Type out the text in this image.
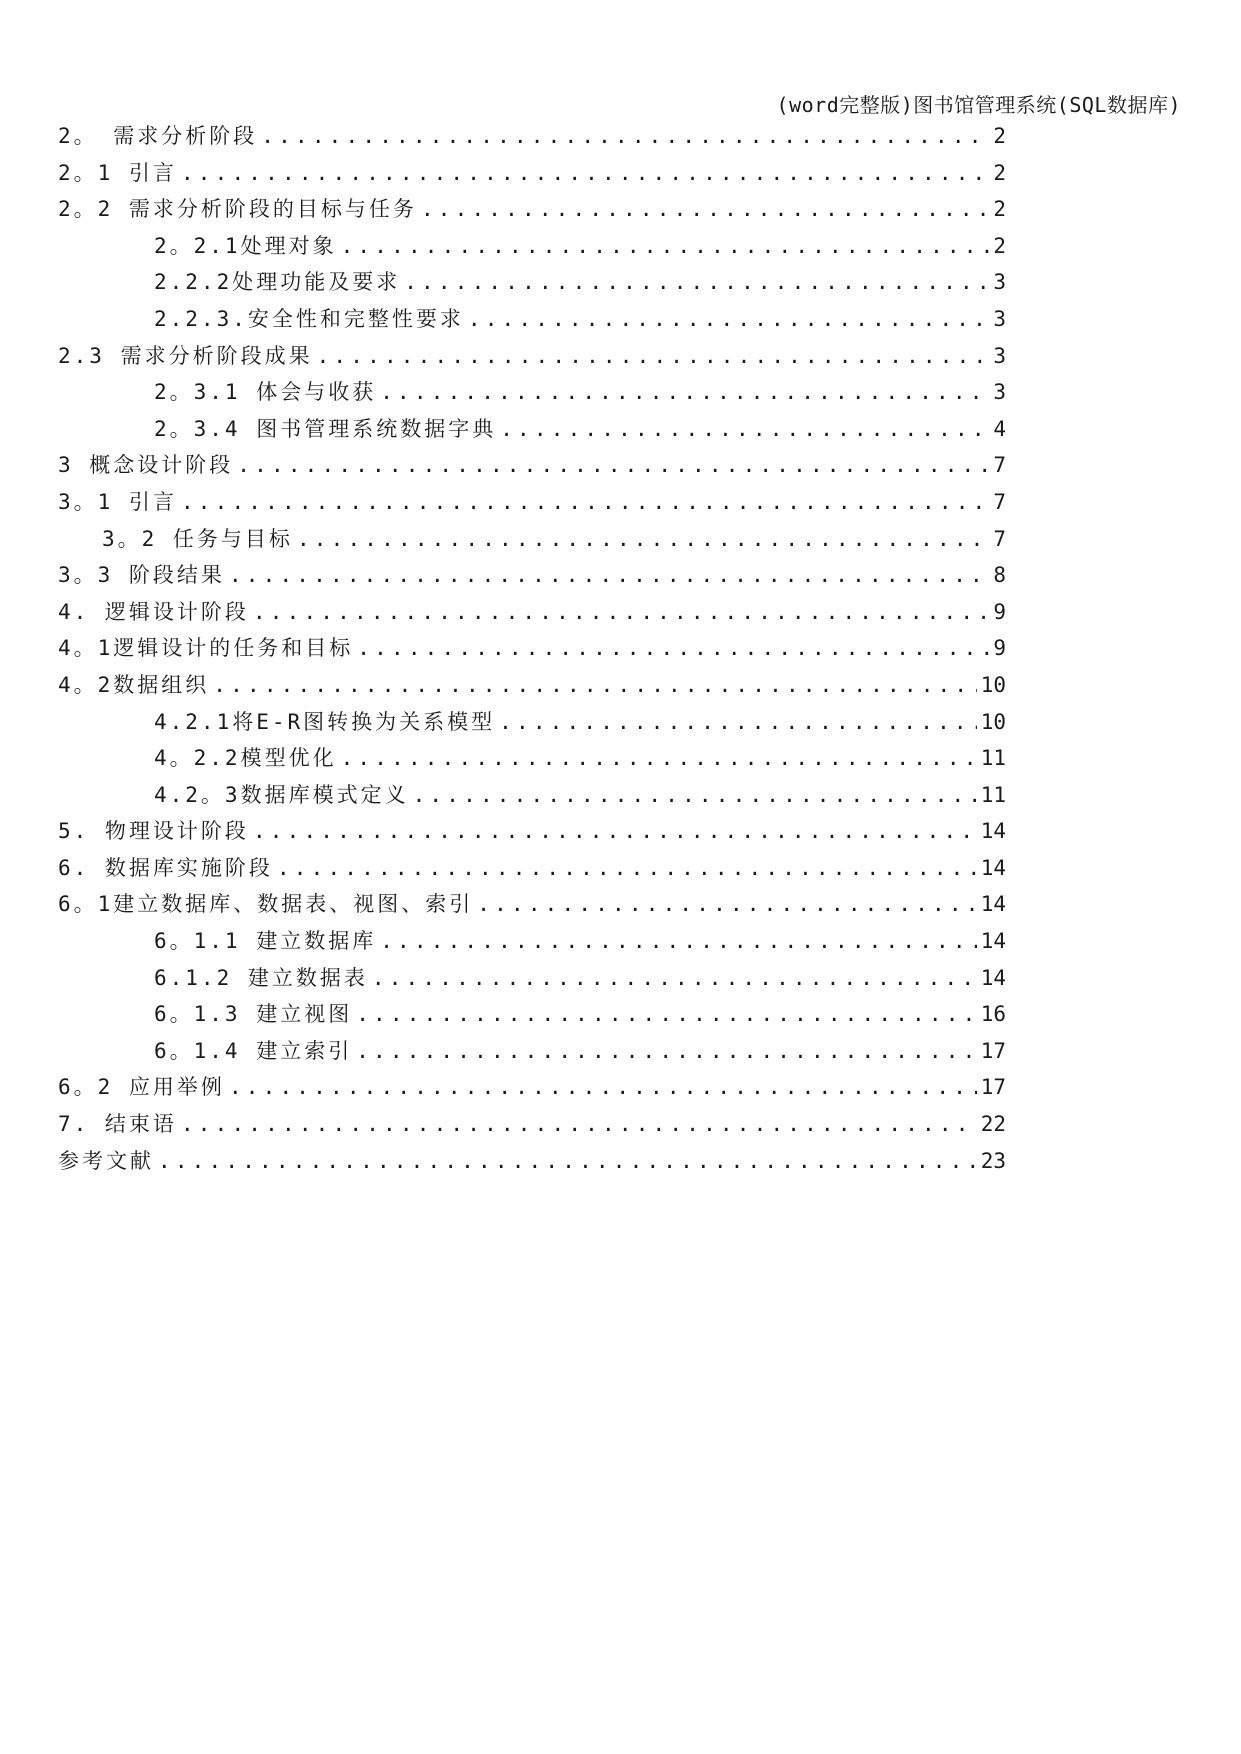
(word完整版)图书馆管理系统(SQL数据库)
2。 需求分析阶段 .....	2
2。1 引言 .....	2
2。2 需求分析阶段的目标与任务 .....	2
2。2.1处理对象 .....	2
2.2.2处理功能及要求 .....	3
2.2.3.安全性和完整性要求 .....	3
2.3 需求分析阶段成果 .....	3
2。3.1 体会与收获 .....	3
2。3.4 图书管理系统数据字典 .....	4
3 概念设计阶段 .....	7
3。1 引言 .....	7
3。2 任务与目标 .....	7
3。3 阶段结果 .....	8
4. 逻辑设计阶段 .....	9
4。1逻辑设计的任务和目标 .....	9
4。2数据组织 .....	10
4.2.1将E-R图转换为关系模型 .....	10
4。2.2模型优化 .....	11
4.2。3数据库模式定义 .....	11
5. 物理设计阶段 .....	14
6. 数据库实施阶段 .....	14
6。1建立数据库、数据表、视图、索引 .....	14
6。1.1 建立数据库 .....	14
6.1.2 建立数据表 .....	14
6。1.3 建立视图 .....	16
6。1.4 建立索引 .....	17
6。2 应用举例 .....	17
7. 结束语 .....	22
参考文献 .....	23
